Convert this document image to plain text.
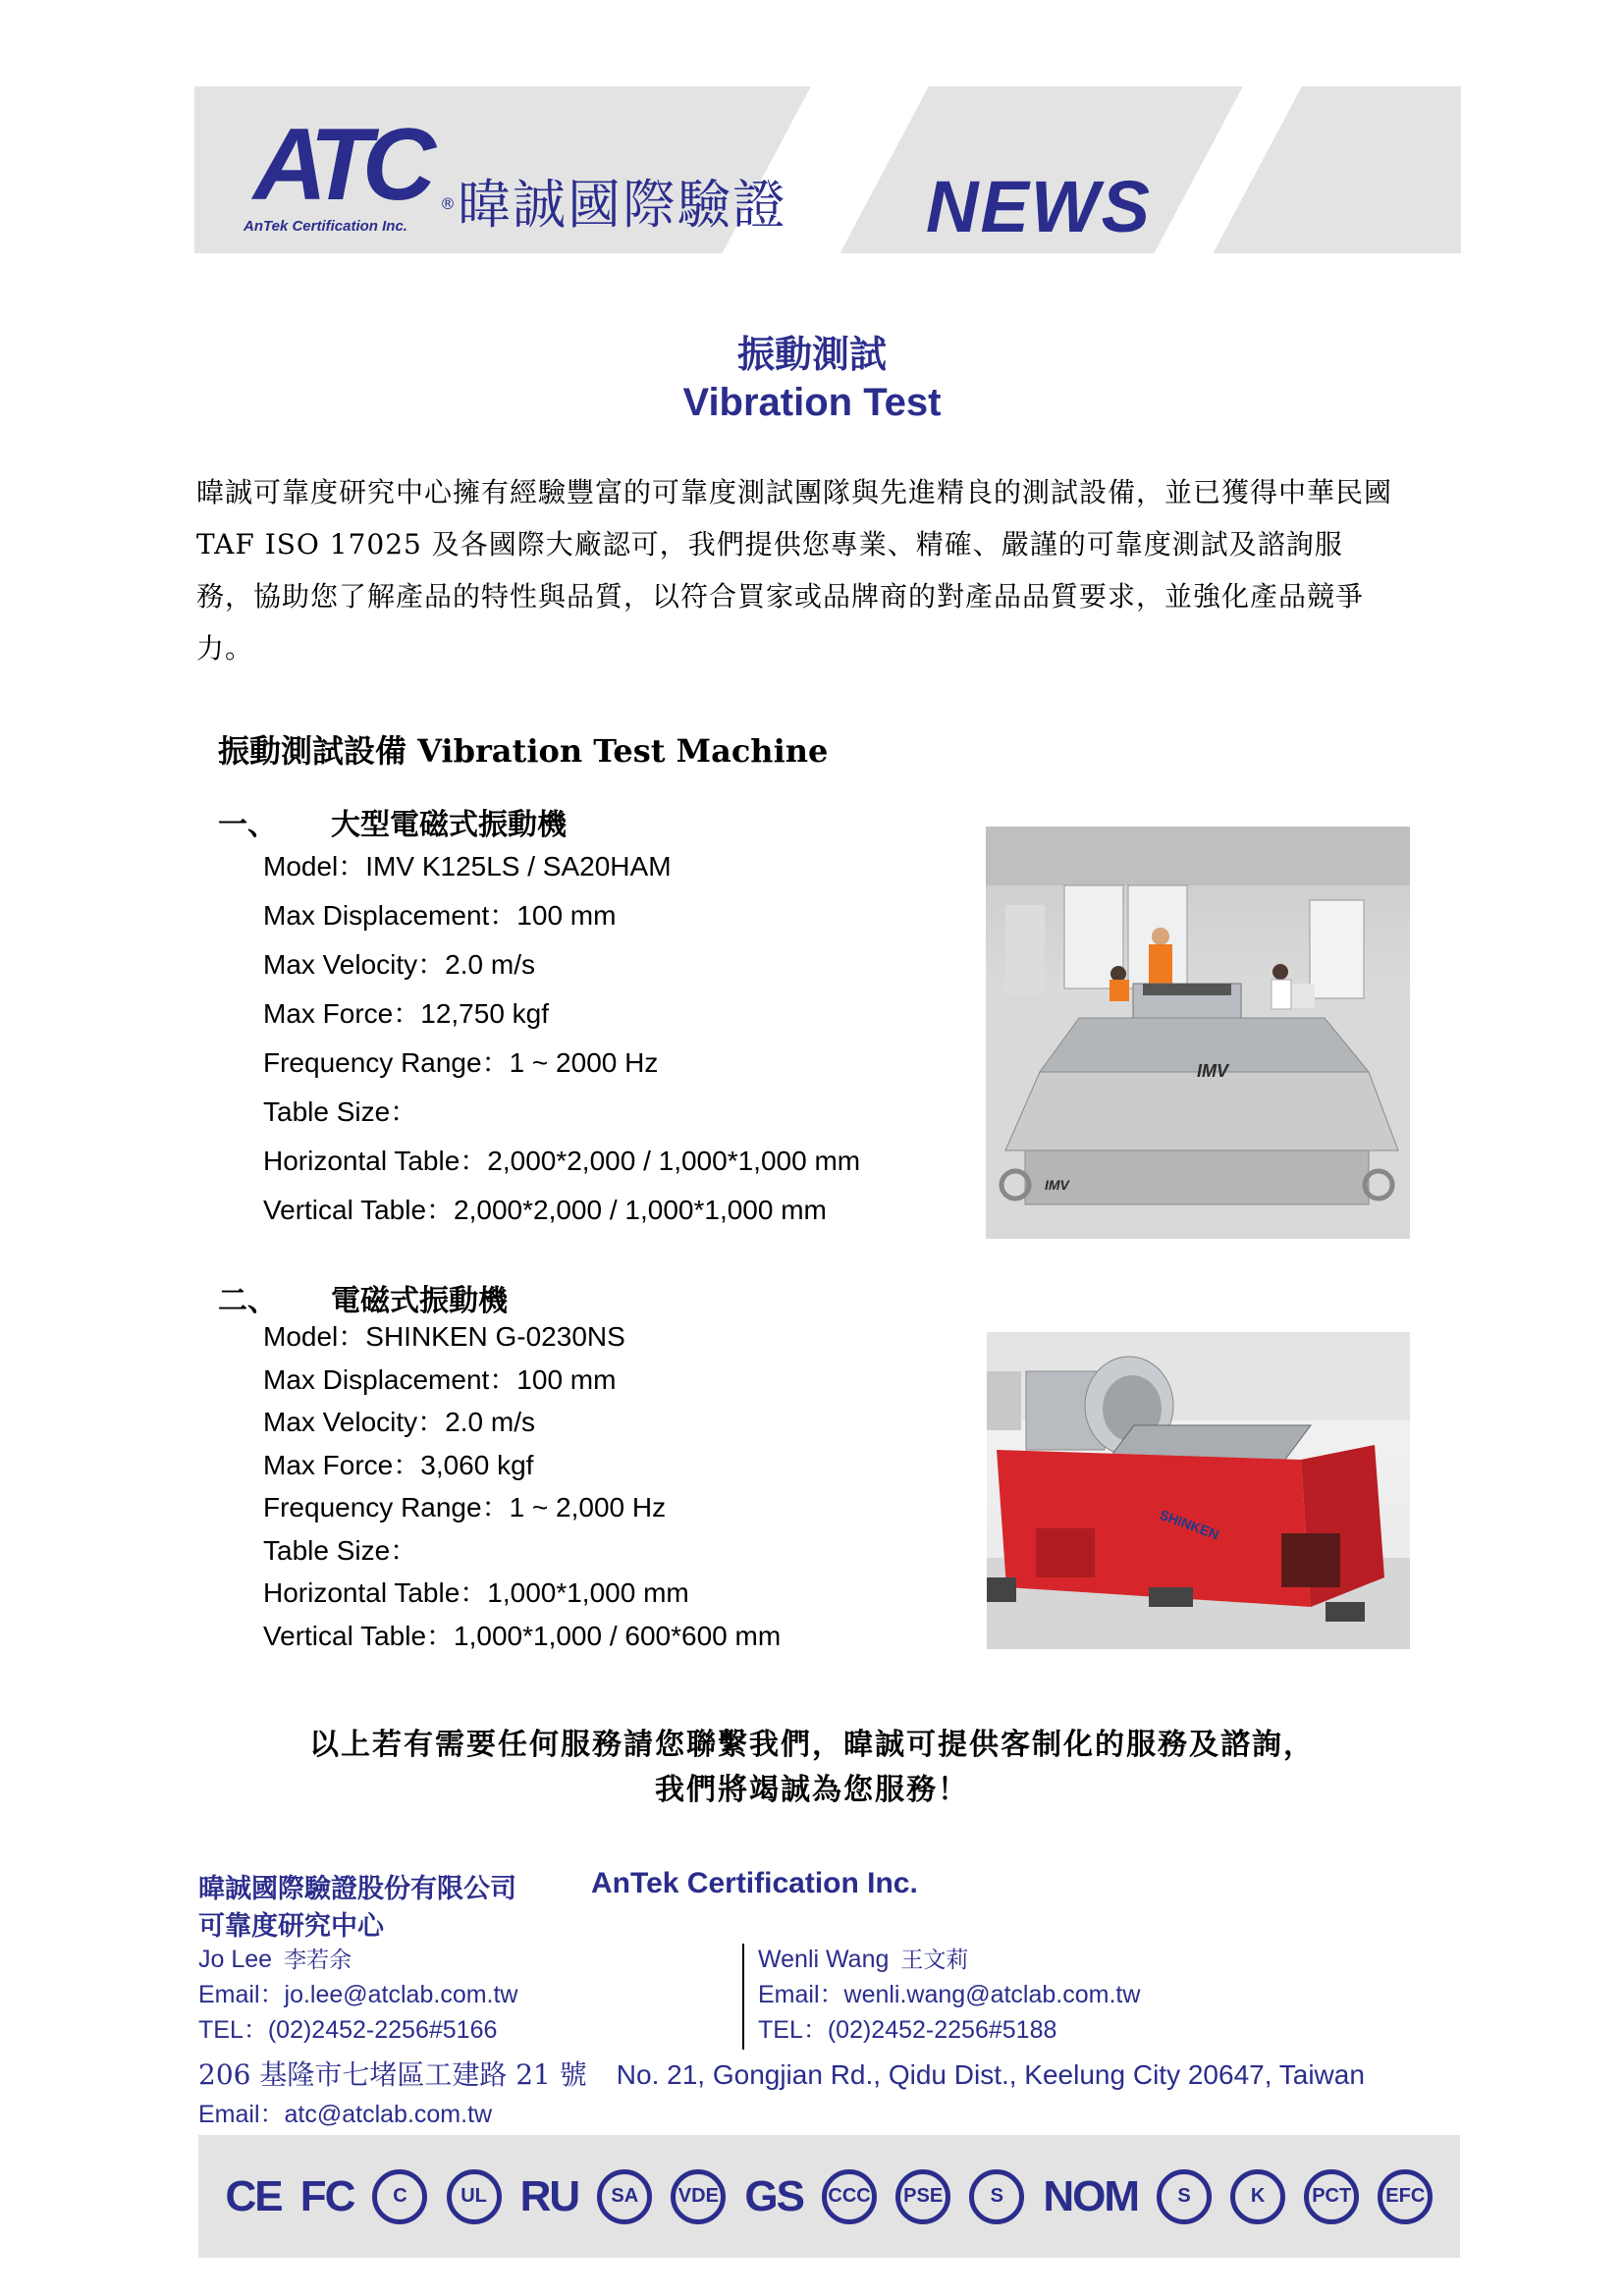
ATC ®
AnTek Certification Inc. 暐誠國際驗證 NEWS
振動測試
Vibration Test
暐誠可靠度研究中心擁有經驗豐富的可靠度測試團隊與先進精良的測試設備，並已獲得中華民國 TAF ISO 17025 及各國際大廠認可，我們提供您專業、精確、嚴謹的可靠度測試及諮詢服務，協助您了解產品的特性與品質，以符合買家或品牌商的對產品品質要求，並強化產品競爭力。
振動測試設備 Vibration Test Machine
一、 大型電磁式振動機
Model：IMV K125LS / SA20HAM
Max Displacement：100 mm
Max Velocity：2.0 m/s
Max Force：12,750 kgf
Frequency Range：1 ~ 2000 Hz
Table Size：
Horizontal Table：2,000*2,000 / 1,000*1,000 mm
Vertical Table：2,000*2,000 / 1,000*1,000 mm
IMV
IMV
二、 電磁式振動機
Model：SHINKEN G-0230NS
Max Displacement：100 mm
Max Velocity：2.0 m/s
Max Force：3,060 kgf
Frequency Range：1 ~ 2,000 Hz
Table Size：
Horizontal Table：1,000*1,000 mm
Vertical Table：1,000*1,000 / 600*600 mm
SHINKEN
以上若有需要任何服務請您聯繫我們，暐誠可提供客制化的服務及諮詢，
我們將竭誠為您服務！
暐誠國際驗證股份有限公司	AnTek Certification Inc.
可靠度研究中心
Jo Lee 李若余
Email：jo.lee@atclab.com.tw
TEL：(02)2452-2256#5166
Wenli Wang 王文莉
Email：wenli.wang@atclab.com.tw
TEL：(02)2452-2256#5188
206 基隆市七堵區工建路 21 號 No. 21, Gongjian Rd., Qidu Dist., Keelung City 20647, Taiwan
Email：atc@atclab.com.tw
CE FC	C	UL RU	SA	VDE GS	CCC	PSE	S NOM	S	K	PCT	EFC
